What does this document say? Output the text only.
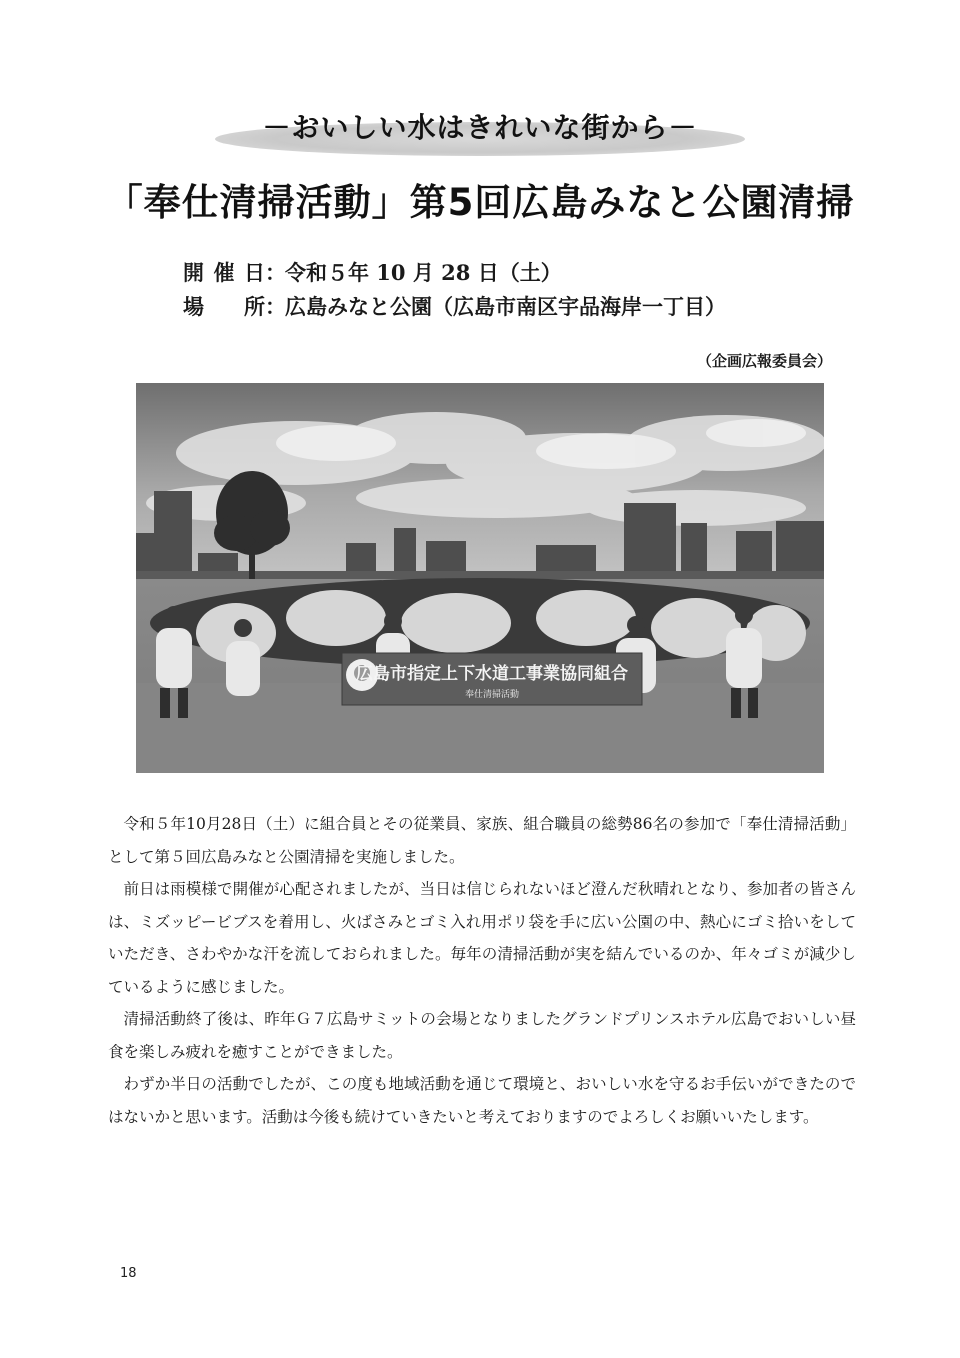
－おいしい水はきれいな街から－
「奉仕清掃活動」第5回広島みなと公園清掃
開催日：令和５年 10 月 28 日（土）
場　所：広島みなと公園（広島市南区宇品海岸一丁目）
（企画広報委員会）
広島市指定上下水道工事業協同組合
奉仕清掃活動

令和５年10月28日（土）に組合員とその従業員、家族、組合職員の総勢86名の参加で「奉仕清掃活動」として第５回広島みなと公園清掃を実施しました。

前日は雨模様で開催が心配されましたが、当日は信じられないほど澄んだ秋晴れとなり、参加者の皆さんは、ミズッピービブスを着用し、火ばさみとゴミ入れ用ポリ袋を手に広い公園の中、熱心にゴミ拾いをしていただき、さわやかな汗を流しておられました。毎年の清掃活動が実を結んでいるのか、年々ゴミが減少しているように感じました。

清掃活動終了後は、昨年Ｇ７広島サミットの会場となりましたグランドプリンスホテル広島でおいしい昼食を楽しみ疲れを癒すことができました。

わずか半日の活動でしたが、この度も地域活動を通じて環境と、おいしい水を守るお手伝いができたのではないかと思います。活動は今後も続けていきたいと考えておりますのでよろしくお願いいたします。

18
